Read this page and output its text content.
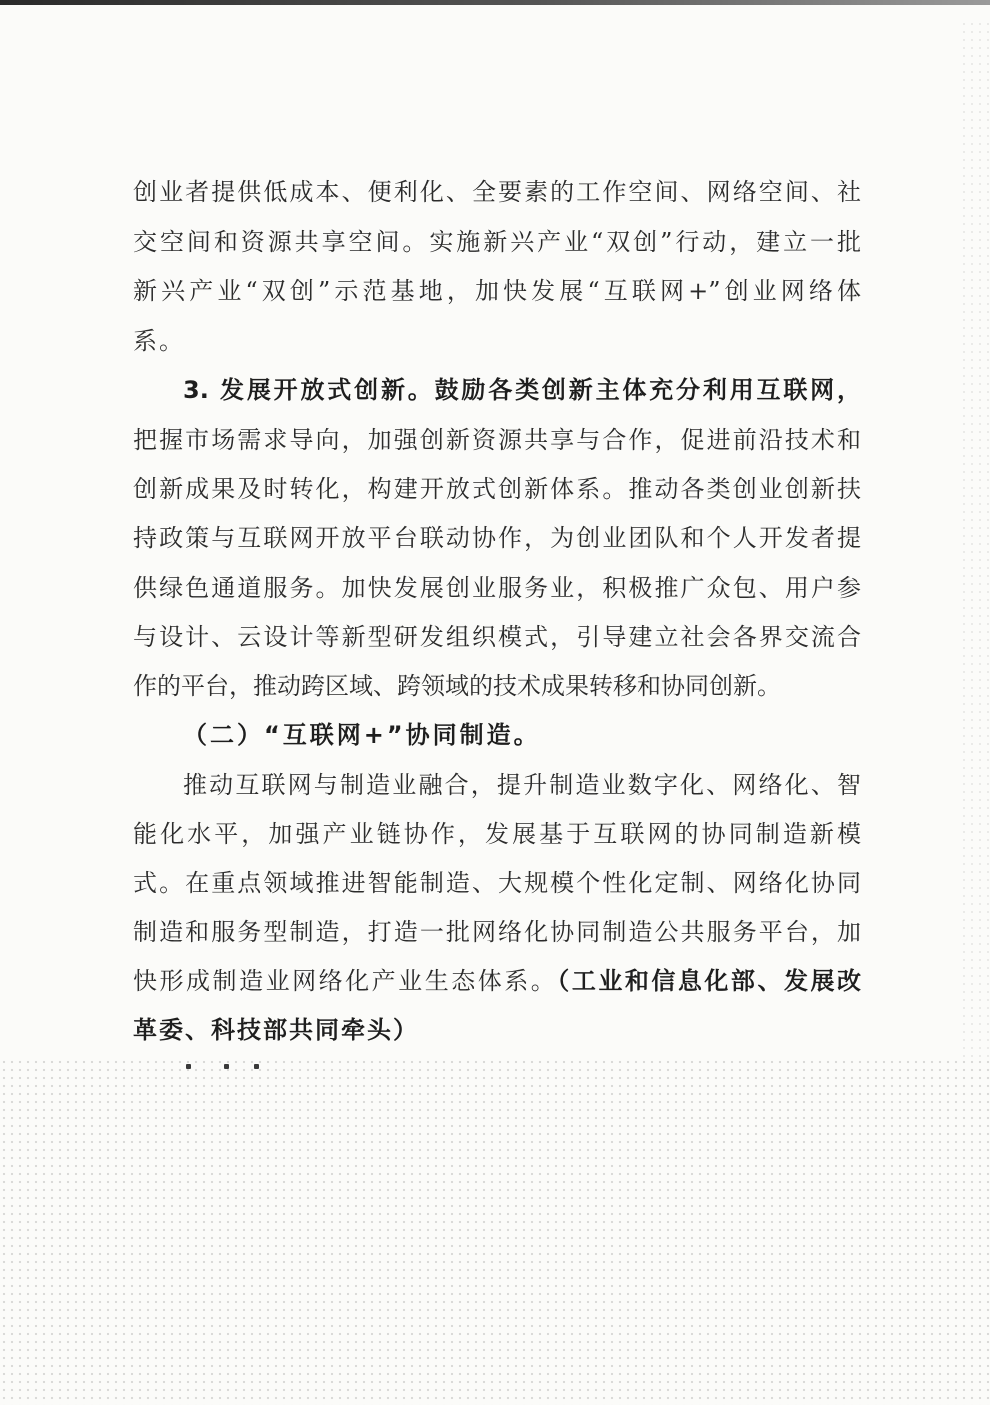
创业者提供低成本、便利化、全要素的工作空间、网络空间、社
交空间和资源共享空间。实施新兴产业“双创”行动，建立一批
新兴产业“双创”示范基地，加快发展“互联网+”创业网络体
系。
3. 发展开放式创新。鼓励各类创新主体充分利用互联网，
把握市场需求导向，加强创新资源共享与合作，促进前沿技术和
创新成果及时转化，构建开放式创新体系。推动各类创业创新扶
持政策与互联网开放平台联动协作，为创业团队和个人开发者提
供绿色通道服务。加快发展创业服务业，积极推广众包、用户参
与设计、云设计等新型研发组织模式，引导建立社会各界交流合
作的平台，推动跨区域、跨领域的技术成果转移和协同创新。
（二）“互联网+”协同制造。
推动互联网与制造业融合，提升制造业数字化、网络化、智
能化水平，加强产业链协作，发展基于互联网的协同制造新模
式。在重点领域推进智能制造、大规模个性化定制、网络化协同
制造和服务型制造，打造一批网络化协同制造公共服务平台，加
快形成制造业网络化产业生态体系。（工业和信息化部、发展改
革委、科技部共同牵头）
